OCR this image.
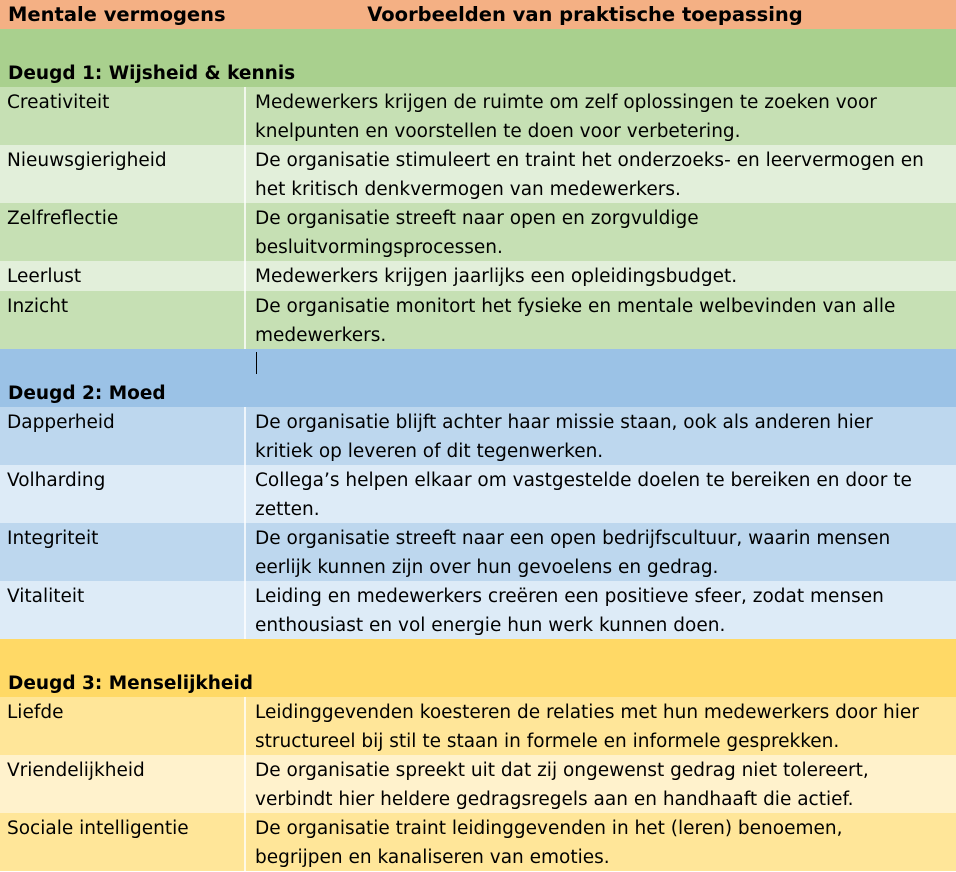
Mentale vermogens	Voorbeelden van praktische toepassing
Deugd 1: Wijsheid & kennis
Creativiteit	Medewerkers krijgen de ruimte om zelf oplossingen te zoeken voor
knelpunten en voorstellen te doen voor verbetering.
Nieuwsgierigheid	De organisatie stimuleert en traint het onderzoeks- en leervermogen en
het kritisch denkvermogen van medewerkers.
Zelfreflectie	De organisatie streeft naar open en zorgvuldige
besluitvormingsprocessen.
Leerlust	Medewerkers krijgen jaarlijks een opleidingsbudget.
Inzicht	De organisatie monitort het fysieke en mentale welbevinden van alle
medewerkers.
Deugd 2: Moed
Dapperheid	De organisatie blijft achter haar missie staan, ook als anderen hier
kritiek op leveren of dit tegenwerken.
Volharding	Collega’s helpen elkaar om vastgestelde doelen te bereiken en door te
zetten.
Integriteit	De organisatie streeft naar een open bedrijfscultuur, waarin mensen
eerlijk kunnen zijn over hun gevoelens en gedrag.
Vitaliteit	Leiding en medewerkers creëren een positieve sfeer, zodat mensen
enthousiast en vol energie hun werk kunnen doen.
Deugd 3: Menselijkheid
Liefde	Leidinggevenden koesteren de relaties met hun medewerkers door hier
structureel bij stil te staan in formele en informele gesprekken.
Vriendelijkheid	De organisatie spreekt uit dat zij ongewenst gedrag niet tolereert,
verbindt hier heldere gedragsregels aan en handhaaft die actief.
Sociale intelligentie	De organisatie traint leidinggevenden in het (leren) benoemen,
begrijpen en kanaliseren van emoties.
